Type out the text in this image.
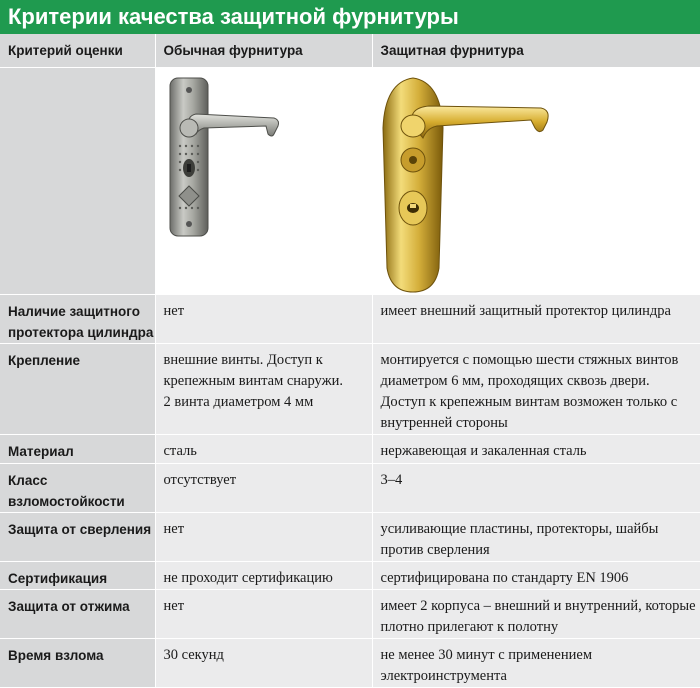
Критерии качества защитной фурнитуры
Критерий оценки	Обычная фурнитура	Защитная фурнитура

Наличие защитного протектора цилиндра	нет	имеет внешний защитный протектор цилиндра
Крепление	внешние винты. Доступ к крепежным винтам снаружи. 2 винта диаметром 4 мм	монтируется с помощью шести стяжных винтов диаметром 6 мм, проходящих сквозь двери. Доступ к крепежным винтам возможен только с внутренней стороны
Материал	сталь	нержавеющая и закаленная сталь
Класс взломостойкости	отсутствует	3–4
Защита от сверления	нет	усиливающие пластины, протекторы, шайбы против сверления
Сертификация	не проходит сертификацию	сертифицирована по стандарту EN 1906
Защита от отжима	нет	имеет 2 корпуса – внешний и внутренний, которые плотно прилегают к полотну
Время взлома	30 секунд	не менее 30 минут с применением электроинструмента
